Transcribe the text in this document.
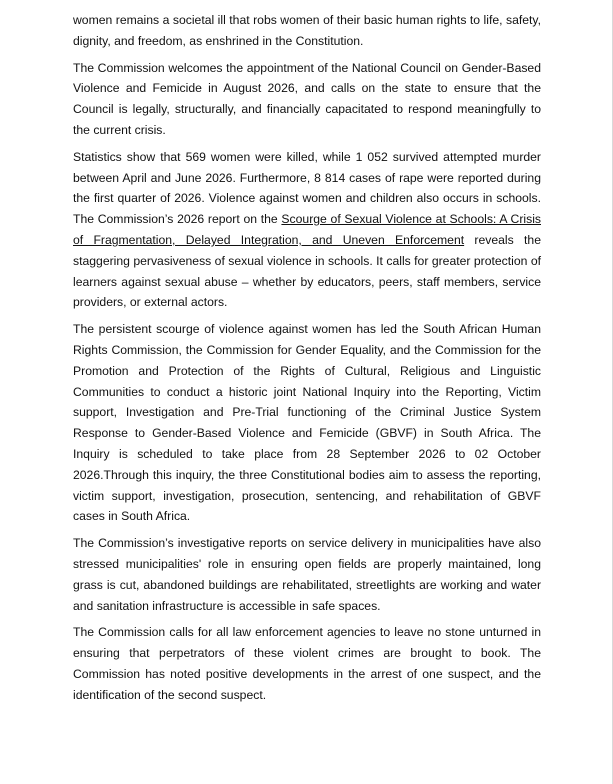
women remains a societal ill that robs women of their basic human rights to life, safety, dignity, and freedom, as enshrined in the Constitution.

The Commission welcomes the appointment of the National Council on Gender-Based Violence and Femicide in August 2026, and calls on the state to ensure that the Council is legally, structurally, and financially capacitated to respond meaningfully to the current crisis.

Statistics show that 569 women were killed, while 1 052 survived attempted murder between April and June 2026. Furthermore, 8 814 cases of rape were reported during the first quarter of 2026. Violence against women and children also occurs in schools. The Commission’s 2026 report on the Scourge of Sexual Violence at Schools: A Crisis of Fragmentation, Delayed Integration, and Uneven Enforcement reveals the staggering pervasiveness of sexual violence in schools. It calls for greater protection of learners against sexual abuse – whether by educators, peers, staff members, service providers, or external actors.

The persistent scourge of violence against women has led the South African Human Rights Commission, the Commission for Gender Equality, and the Commission for the Promotion and Protection of the Rights of Cultural, Religious and Linguistic Communities to conduct a historic joint National Inquiry into the Reporting, Victim support, Investigation and Pre-Trial functioning of the Criminal Justice System Response to Gender-Based Violence and Femicide (GBVF) in South Africa. The Inquiry is scheduled to take place from 28 September 2026 to 02 October 2026.Through this inquiry, the three Constitutional bodies aim to assess the reporting, victim support, investigation, prosecution, sentencing, and rehabilitation of GBVF cases in South Africa.

The Commission’s investigative reports on service delivery in municipalities have also stressed municipalities' role in ensuring open fields are properly maintained, long grass is cut, abandoned buildings are rehabilitated, streetlights are working and water and sanitation infrastructure is accessible in safe spaces.

The Commission calls for all law enforcement agencies to leave no stone unturned in ensuring that perpetrators of these violent crimes are brought to book. The Commission has noted positive developments in the arrest of one suspect, and the identification of the second suspect.
